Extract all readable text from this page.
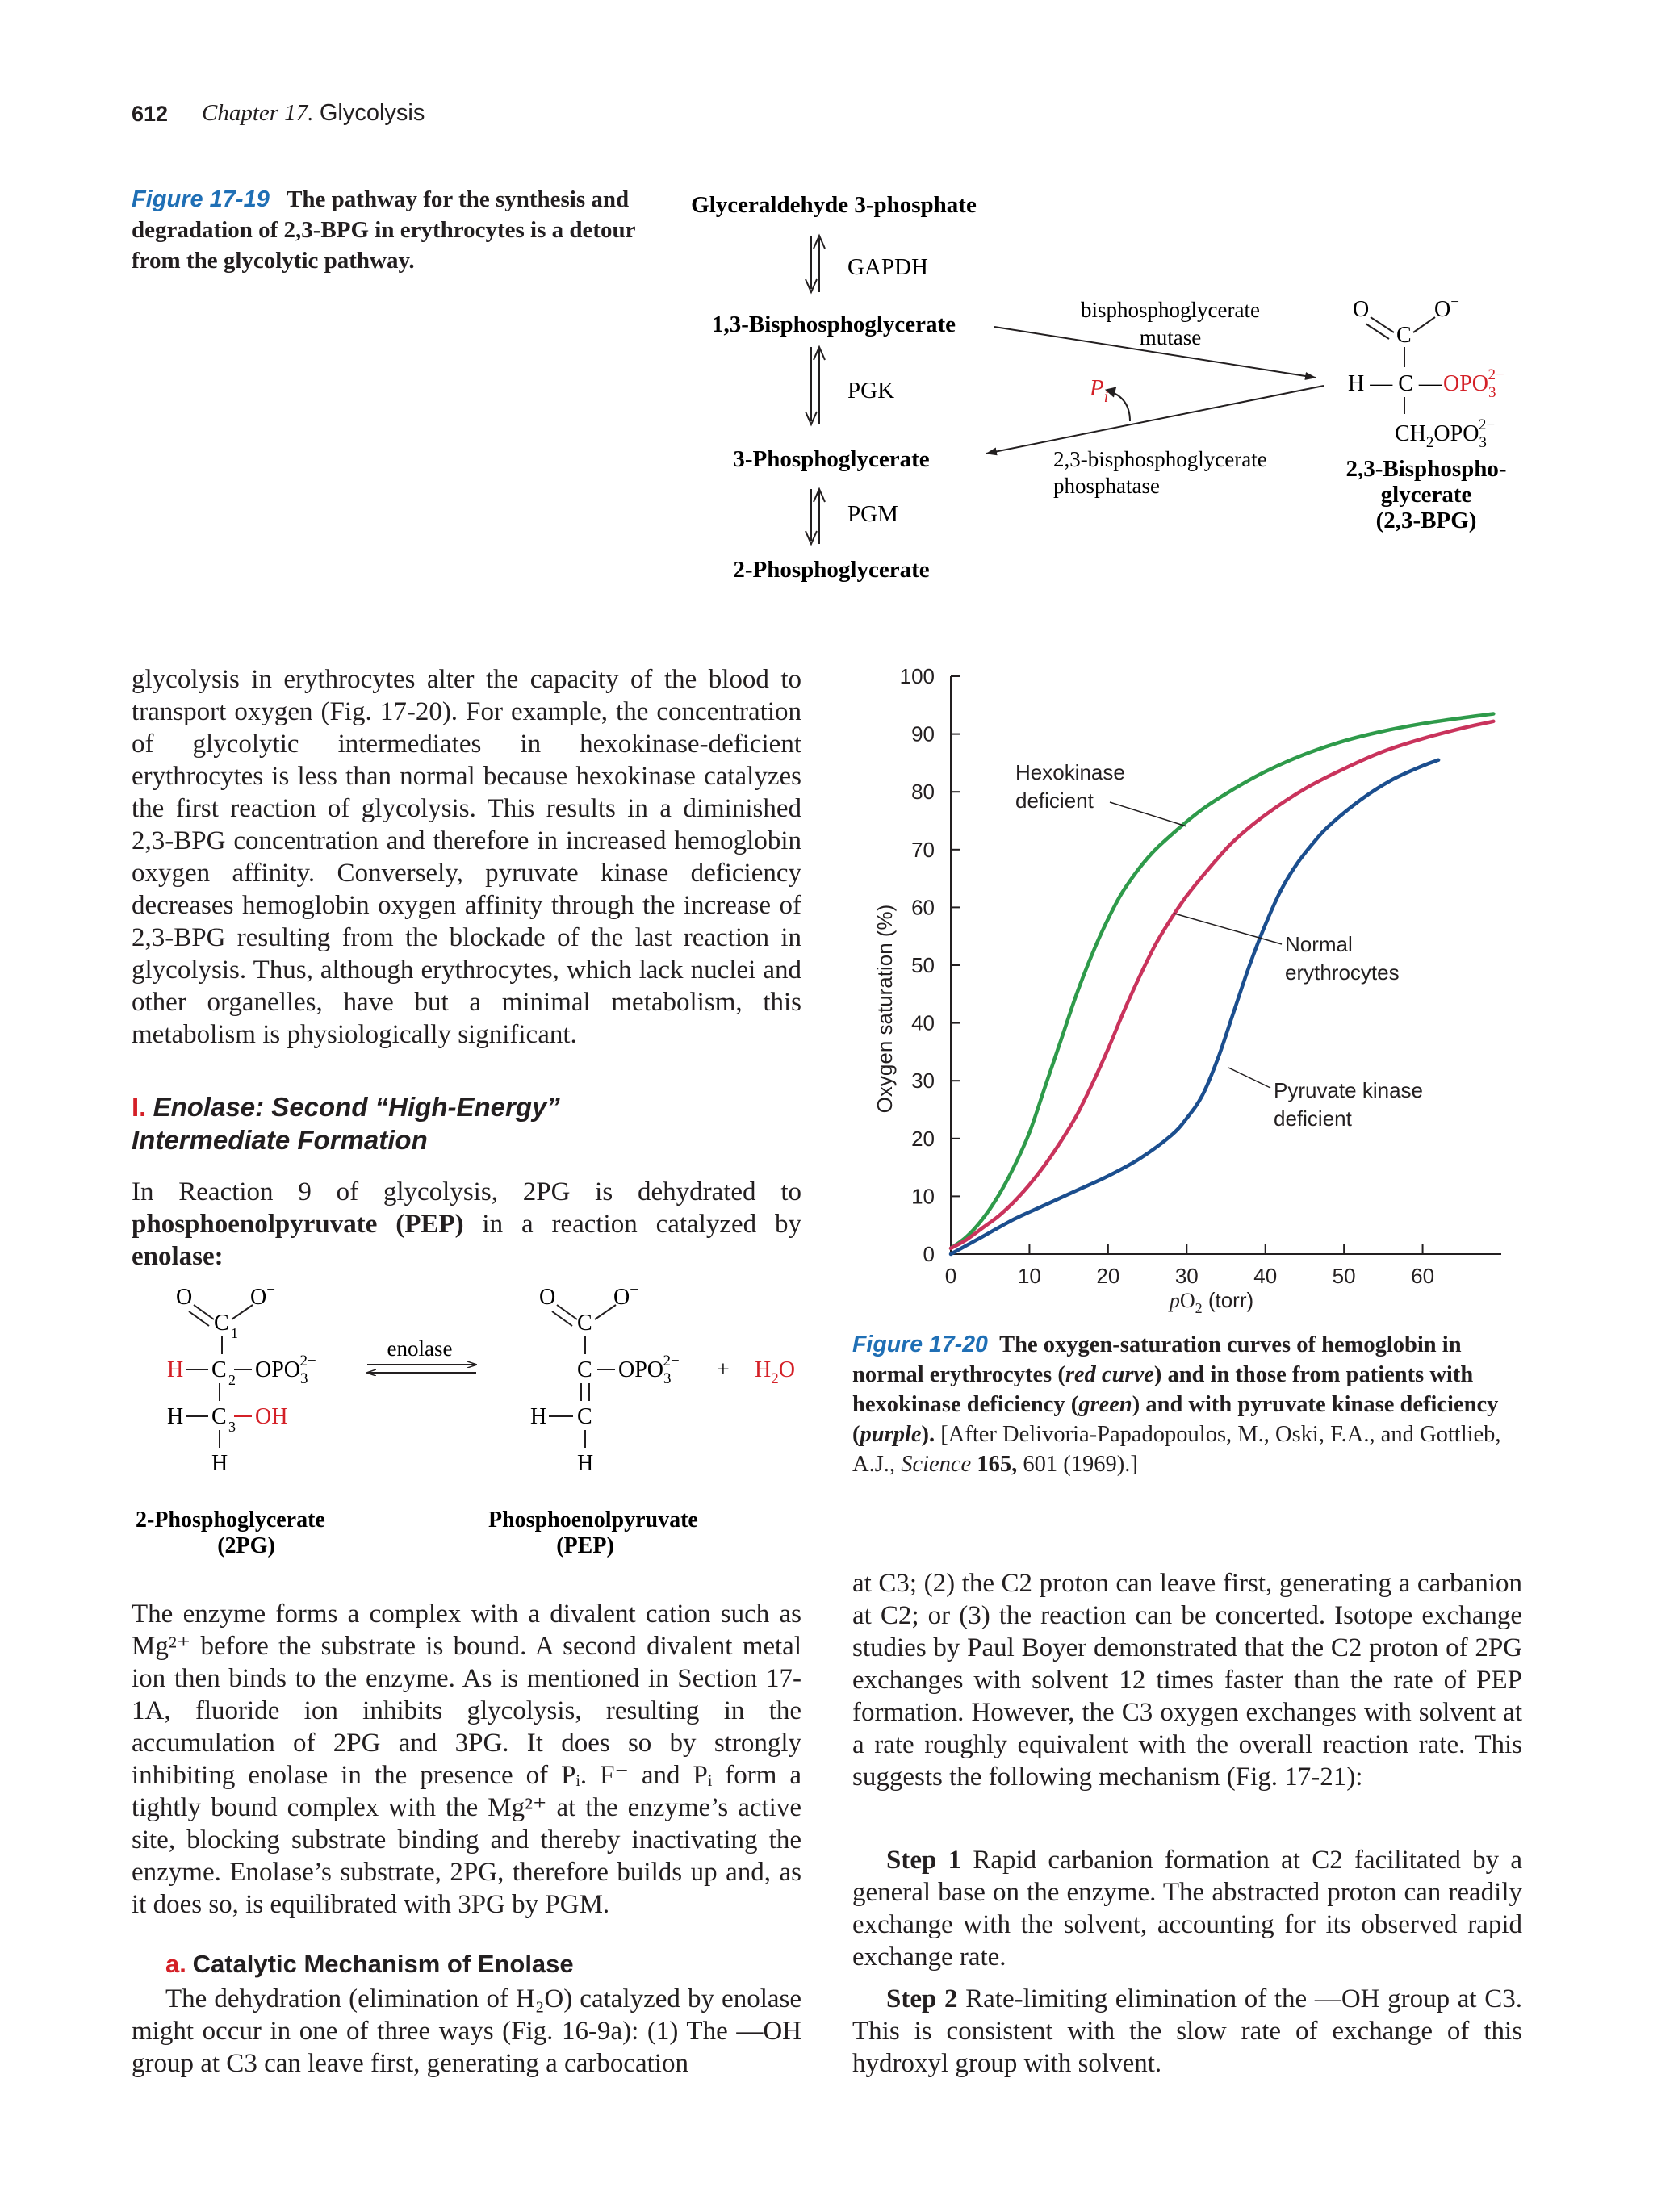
612 Chapter 17. Glycolysis
Figure 17-19 The pathway for the synthesis and degradation of 2,3-BPG in erythrocytes is a detour from the glycolytic pathway.
Glyceraldehyde 3-phosphate
GAPDH
1,3-Bisphosphoglycerate
PGK
3-Phosphoglycerate
PGM
2-Phosphoglycerate
bisphosphoglycerate
mutase
$P_i$
2,3-bisphosphoglycerate
phosphatase
O	O−
C
H — C — $OPO_32-$
$CH_2OPO_32-$
2,3-Bisphospho-
glycerate
(2,3-BPG)

glycolysis in erythrocytes alter the capacity of the blood to transport oxygen (Fig. 17-20). For example, the concentration of glycolytic intermediates in hexokinase-deficient erythrocytes is less than normal because hexokinase catalyzes the first reaction of glycolysis. This results in a diminished 2,3-BPG concentration and therefore in increased hemoglobin oxygen affinity. Conversely, pyruvate kinase deficiency decreases hemoglobin oxygen affinity through the increase of 2,3-BPG resulting from the blockade of the last reaction in glycolysis. Thus, although erythrocytes, which lack nuclei and other organelles, have but a minimal metabolism, this metabolism is physiologically significant.

I. Enolase: Second “High-Energy”
Intermediate Formation

In Reaction 9 of glycolysis, 2PG is dehydrated to phosphoenolpyruvate (PEP) in a reaction catalyzed by enolase:

O	O−
C 1
H C 2 $OPO_32-$
H C 3 OH
H
2-Phosphoglycerate
(2PG)
enolase
O	O−
C
C $OPO_32-$
H C
H
+ $H_2O$
Phosphoenolpyruvate
(PEP)

The enzyme forms a complex with a divalent cation such as Mg²⁺ before the substrate is bound. A second divalent metal ion then binds to the enzyme. As is mentioned in Section 17-1A, fluoride ion inhibits glycolysis, resulting in the accumulation of 2PG and 3PG. It does so by strongly inhibiting enolase in the presence of Pᵢ. F⁻ and Pᵢ form a tightly bound complex with the Mg²⁺ at the enzyme’s active site, blocking substrate binding and thereby inactivating the enzyme. Enolase’s substrate, 2PG, therefore builds up and, as it does so, is equilibrated with 3PG by PGM.

a. Catalytic Mechanism of Enolase

The dehydration (elimination of H₂O) catalyzed by enolase might occur in one of three ways (Fig. 16-9a): (1) The —OH group at C3 can leave first, generating a carbocation

0
10
20
30
40
50
60
70
80
90
100
0	10	20	30	40	50	60
Hexokinase
deficient
Normal
erythrocytes
Pyruvate kinase
deficient
Oxygen saturation (%)
$pO_2$ (torr)
Figure 17-20 The oxygen-saturation curves of hemoglobin in normal erythrocytes (red curve) and in those from patients with hexokinase deficiency (green) and with pyruvate kinase deficiency (purple). [After Delivoria-Papadopoulos, M., Oski, F.A., and Gottlieb, A.J., Science 165, 601 (1969).]

at C3; (2) the C2 proton can leave first, generating a carbanion at C2; or (3) the reaction can be concerted. Isotope exchange studies by Paul Boyer demonstrated that the C2 proton of 2PG exchanges with solvent 12 times faster than the rate of PEP formation. However, the C3 oxygen exchanges with solvent at a rate roughly equivalent with the overall reaction rate. This suggests the following mechanism (Fig. 17-21):

Step 1 Rapid carbanion formation at C2 facilitated by a general base on the enzyme. The abstracted proton can readily exchange with the solvent, accounting for its observed rapid exchange rate.

Step 2 Rate-limiting elimination of the —OH group at C3. This is consistent with the slow rate of exchange of this hydroxyl group with solvent.
